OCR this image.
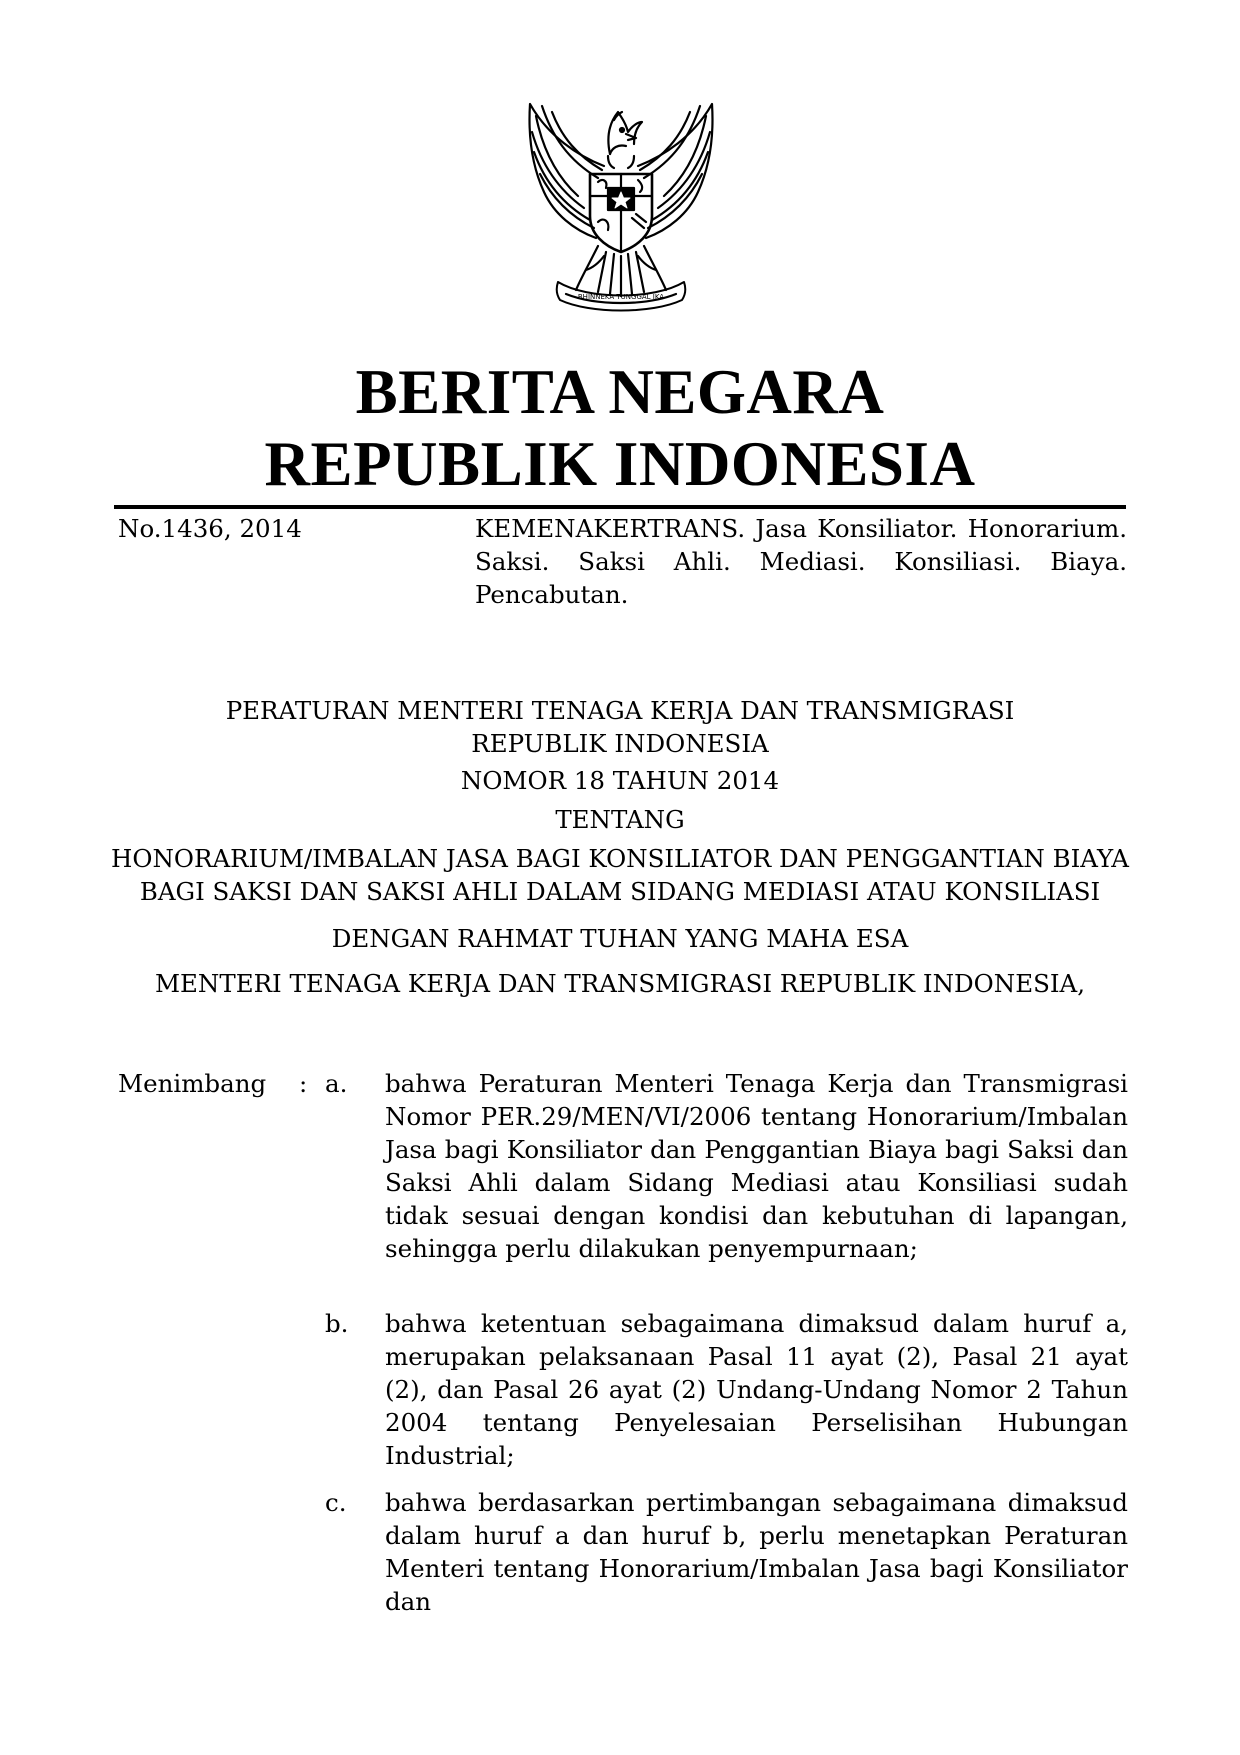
BHINNEKA TUNGGAL IKA
BERITA NEGARA
REPUBLIK INDONESIA
No.1436, 2014	KEMENAKERTRANS. Jasa Konsiliator. Honorarium. Saksi. Saksi Ahli. Mediasi. Konsiliasi. Biaya. Pencabutan.
PERATURAN MENTERI TENAGA KERJA DAN TRANSMIGRASI
REPUBLIK INDONESIA
NOMOR 18 TAHUN 2014
TENTANG
HONORARIUM/IMBALAN JASA BAGI KONSILIATOR DAN PENGGANTIAN BIAYA
BAGI SAKSI DAN SAKSI AHLI DALAM SIDANG MEDIASI ATAU KONSILIASI
DENGAN RAHMAT TUHAN YANG MAHA ESA
MENTERI TENAGA KERJA DAN TRANSMIGRASI REPUBLIK INDONESIA,
Menimbang : a. bahwa Peraturan Menteri Tenaga Kerja dan Transmigrasi Nomor PER.29/MEN/VI/2006 tentang Honorarium/Imbalan Jasa bagi Konsiliator dan Penggantian Biaya bagi Saksi dan Saksi Ahli dalam Sidang Mediasi atau Konsiliasi sudah tidak sesuai dengan kondisi dan kebutuhan di lapangan, sehingga perlu dilakukan penyempurnaan;
b. bahwa ketentuan sebagaimana dimaksud dalam huruf a, merupakan pelaksanaan Pasal 11 ayat (2), Pasal 21 ayat (2), dan Pasal 26 ayat (2) Undang-Undang Nomor 2 Tahun 2004 tentang Penyelesaian Perselisihan Hubungan Industrial;
c. bahwa berdasarkan pertimbangan sebagaimana dimaksud dalam huruf a dan huruf b, perlu menetapkan Peraturan Menteri tentang Honorarium/Imbalan Jasa bagi Konsiliator dan
